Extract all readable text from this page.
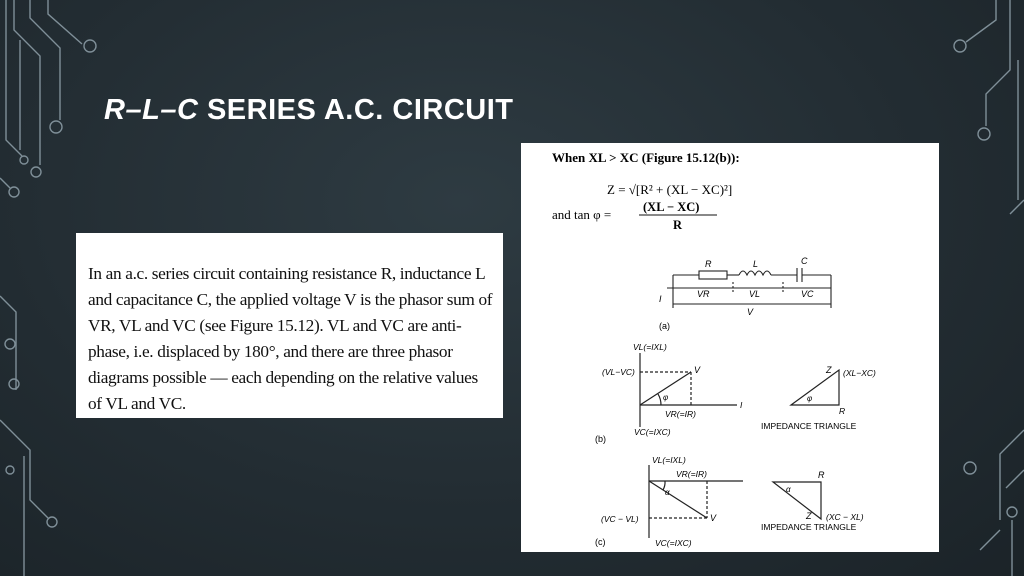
R–L–C SERIES A.C. CIRCUIT

In an a.c. series circuit containing resistance R, inductance L and capacitance C, the applied voltage V is the phasor sum of VR, VL and VC (see Figure 15.12). VL and VC are anti-phase, i.e. displaced by 180°, and there are three phasor diagrams possible — each depending on the relative values of VL and VC.

When XL > XC (Figure 15.12(b)):
Z = √[R² + (XL − XC)²]
and tan φ =	(XL − XC)
R
R	L	C
I	VR	VL	VC
V
(a)
VL(=IXL)
(VL−VC)	V
VR(=IR)
I
φ
VC(=IXC)
(b)
Z (XL−XC)
R
φ
IMPEDANCE TRIANGLE
VL(=IXL)
VR(=IR)
α
(VC − VL)	V
VC(=IXC)
(c)
R
α
Z (XC − XL)
IMPEDANCE TRIANGLE
